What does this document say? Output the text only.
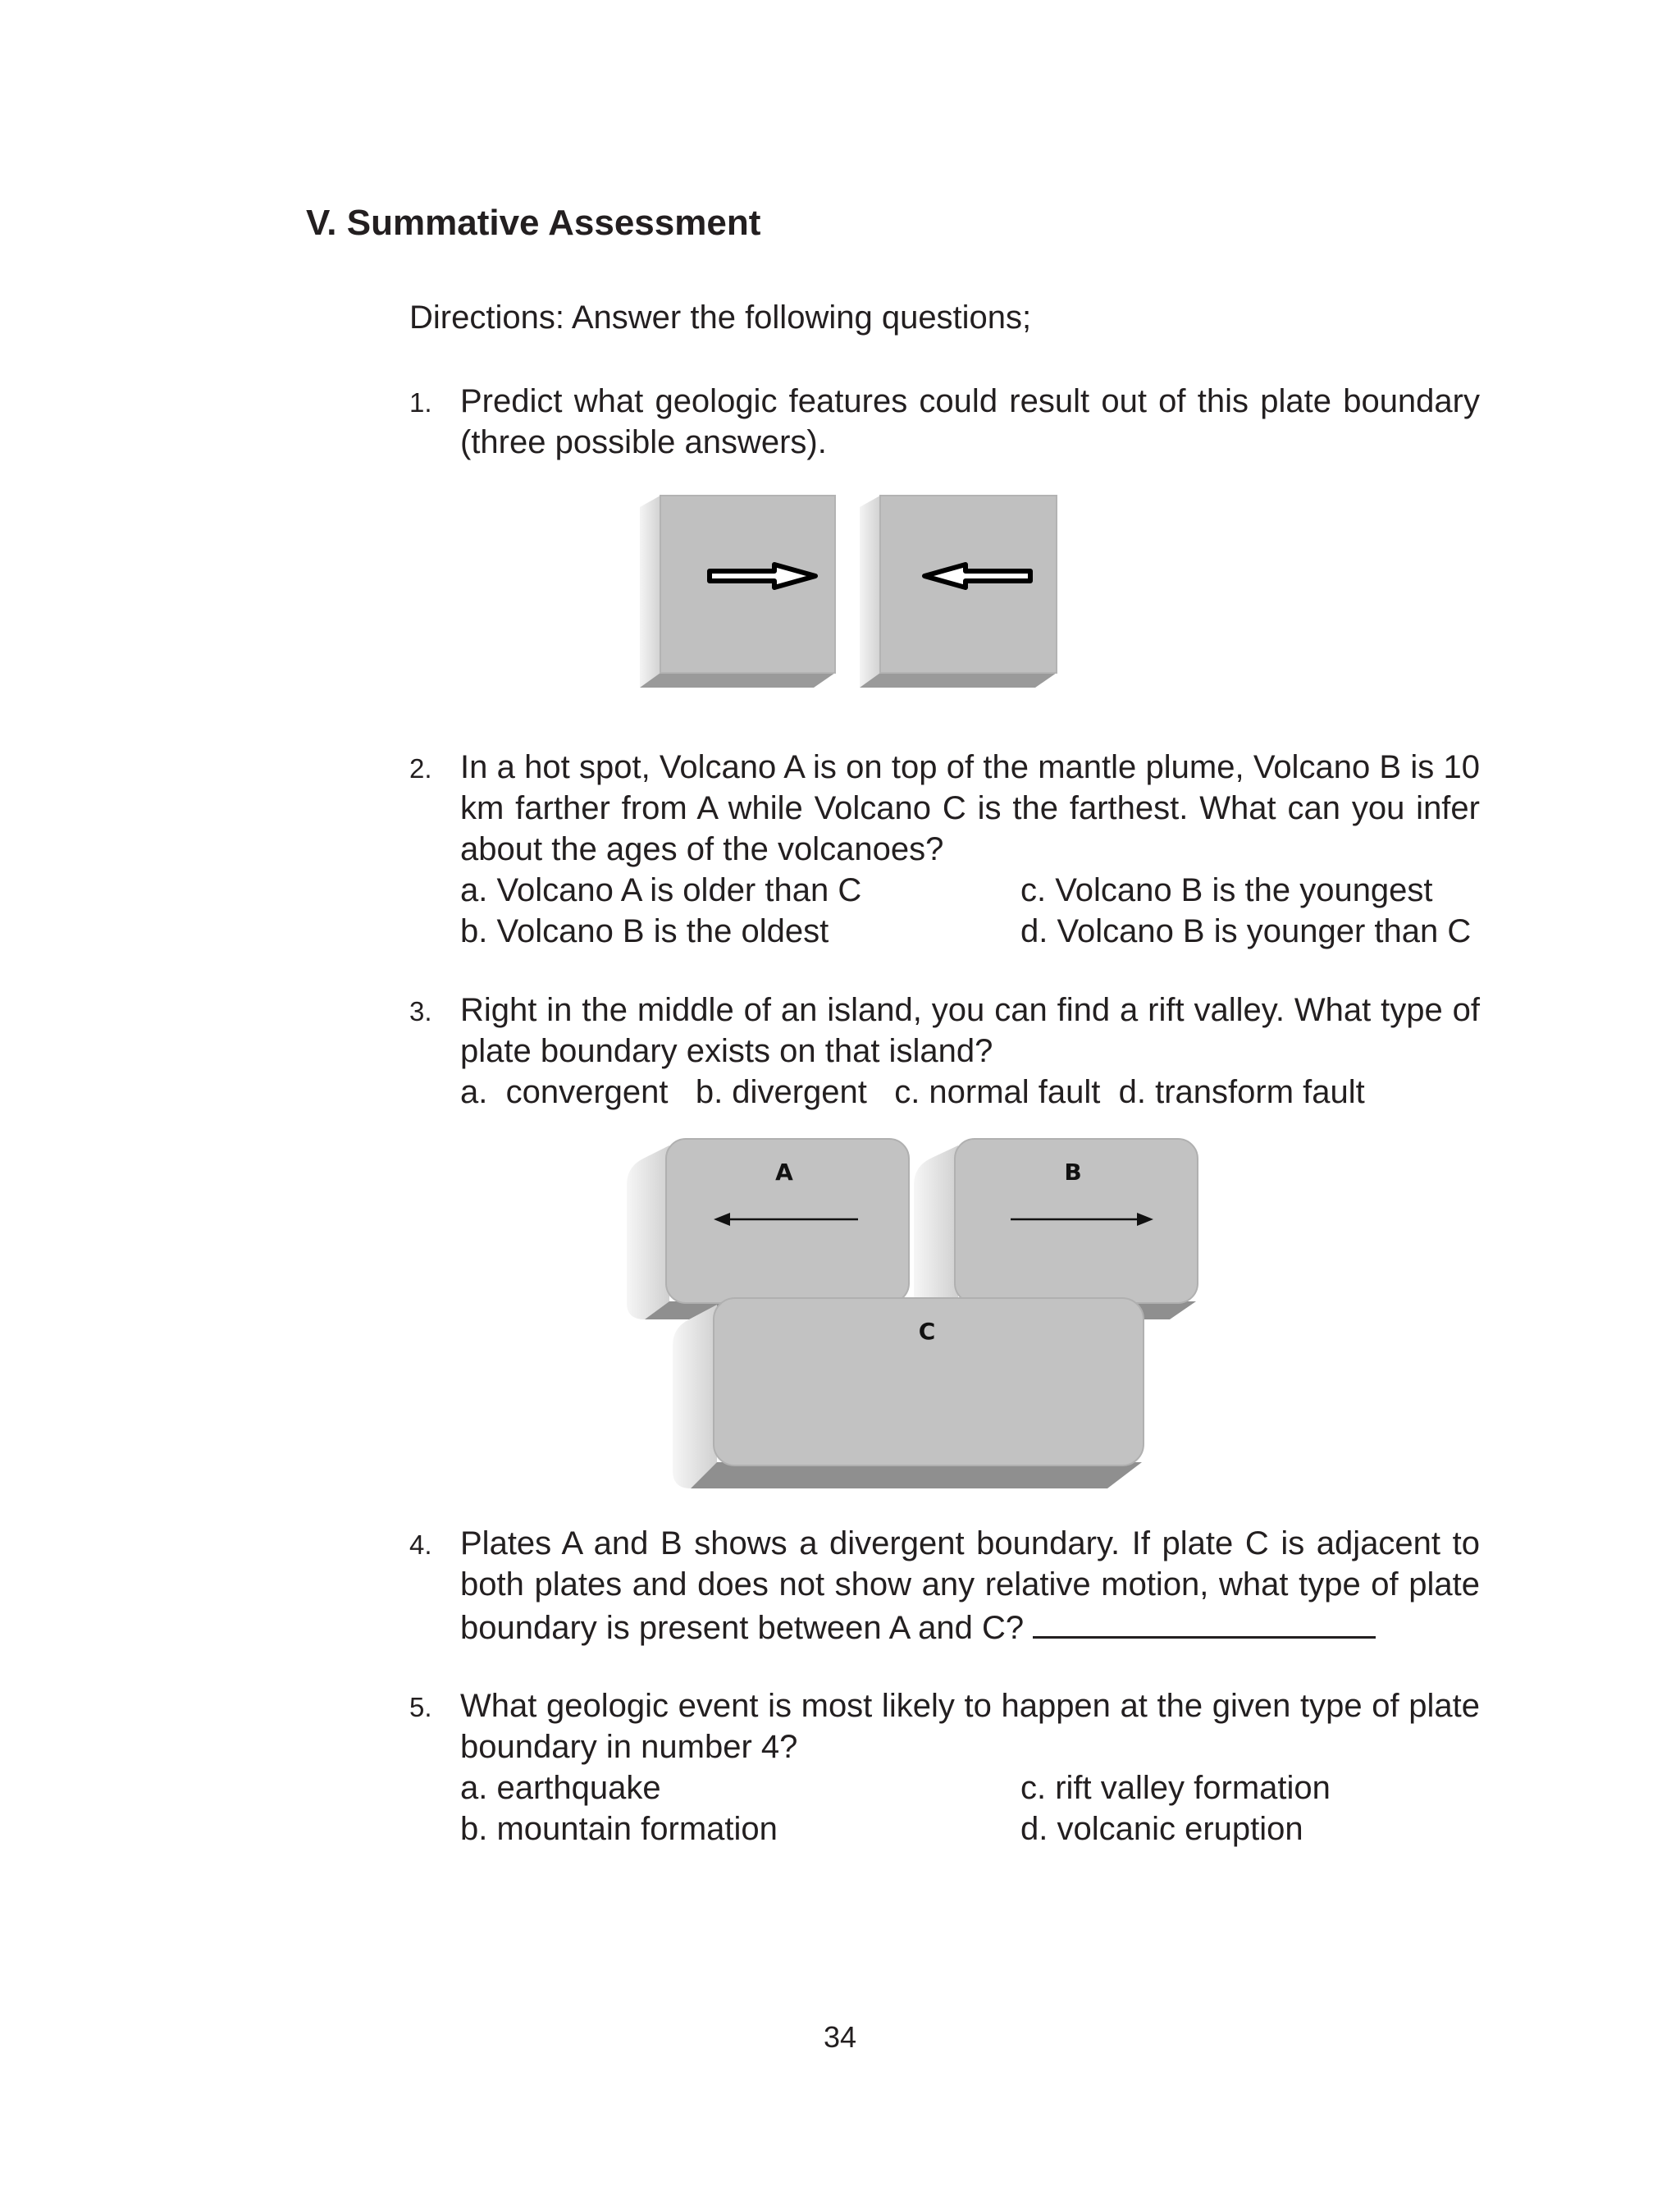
V. Summative Assessment
Directions: Answer the following questions;
1. Predict what geologic features could result out of this plate boundary (three possible answers).
2. In a hot spot, Volcano A is on top of the mantle plume, Volcano B is 10 km farther from A while Volcano C is the farthest. What can you infer about the ages of the volcanoes?
a. Volcano A is older than C	c. Volcano B is the youngest
b. Volcano B is the oldest	d. Volcano B is younger than C
3. Right in the middle of an island, you can find a rift valley. What type of plate boundary exists on that island?
a.  convergent   b. divergent   c. normal fault  d. transform fault
A	B
C
4. Plates A and B shows a divergent boundary. If plate C is adjacent to both plates and does not show any relative motion, what type of plate boundary is present between A and C?
5. What geologic event is most likely to happen at the given type of plate boundary in number 4?
a. earthquake	c. rift valley formation
b. mountain formation	d. volcanic eruption
34
